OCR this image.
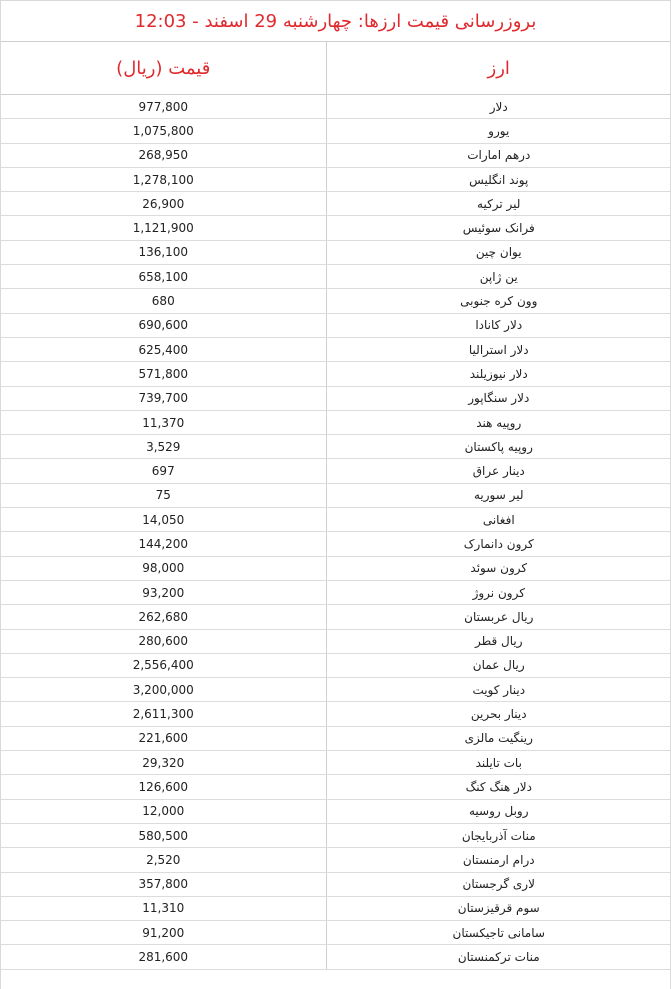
بروزرسانی قیمت ارزها: چهارشنبه 29 اسفند - 12:03
ارز	قیمت (ریال)
دلار	977,800
یورو	1,075,800
درهم امارات	268,950
پوند انگلیس	1,278,100
لیر ترکیه	26,900
فرانک سوئیس	1,121,900
یوان چین	136,100
ین ژاپن	658,100
وون کره جنوبی	680
دلار کانادا	690,600
دلار استرالیا	625,400
دلار نیوزیلند	571,800
دلار سنگاپور	739,700
روپیه هند	11,370
روپیه پاکستان	3,529
دینار عراق	697
لیر سوریه	75
افغانی	14,050
کرون دانمارک	144,200
کرون سوئد	98,000
کرون نروژ	93,200
ریال عربستان	262,680
ریال قطر	280,600
ریال عمان	2,556,400
دینار کویت	3,200,000
دینار بحرین	2,611,300
رینگیت مالزی	221,600
بات تایلند	29,320
دلار هنگ کنگ	126,600
روبل روسیه	12,000
منات آذربایجان	580,500
درام ارمنستان	2,520
لاری گرجستان	357,800
سوم قرقیزستان	11,310
سامانی تاجیکستان	91,200
منات ترکمنستان	281,600
